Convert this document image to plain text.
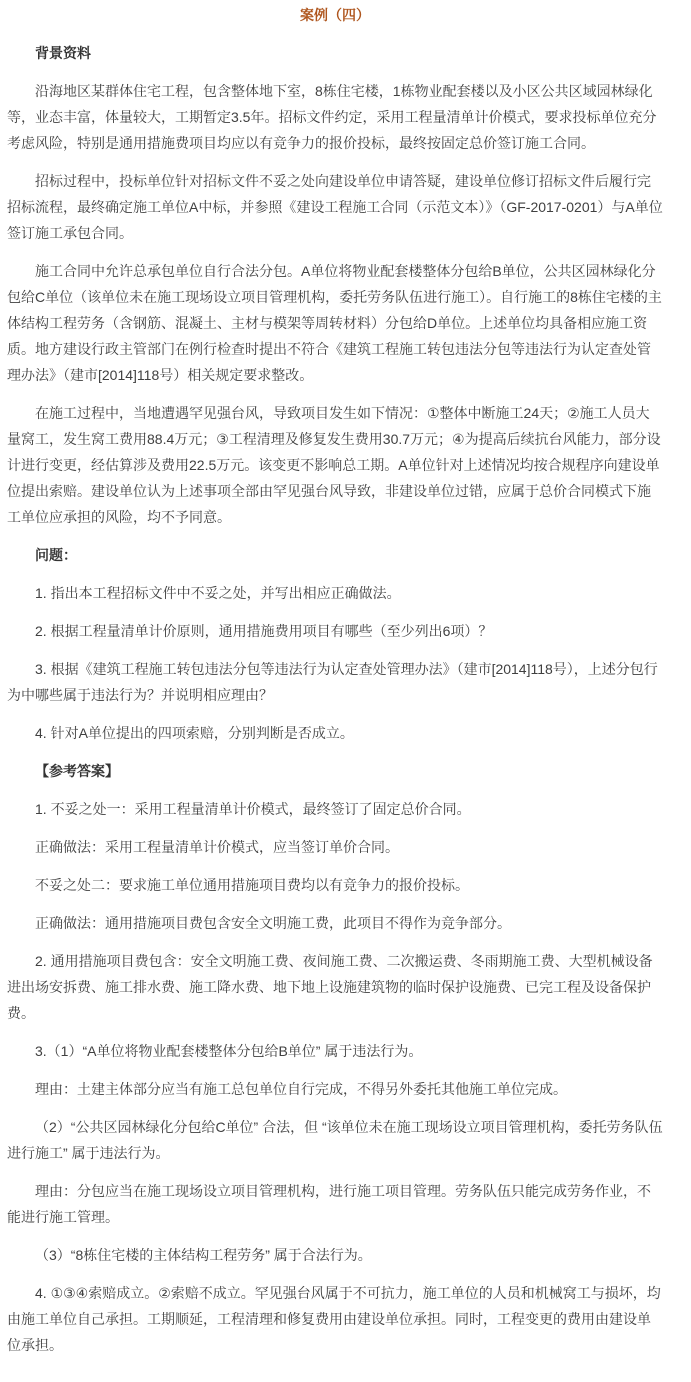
案例（四）
背景资料

沿海地区某群体住宅工程，包含整体地下室，8栋住宅楼，1栋物业配套楼以及小区公共区域园林绿化等，业态丰富，体量较大，工期暂定3.5年。招标文件约定，采用工程量清单计价模式，要求投标单位充分考虑风险，特别是通用措施费项目均应以有竞争力的报价投标，最终按固定总价签订施工合同。

招标过程中，投标单位针对招标文件不妥之处向建设单位申请答疑，建设单位修订招标文件后履行完招标流程，最终确定施工单位A中标，并参照《建设工程施工合同（示范文本）》（GF-2017-0201）与A单位签订施工承包合同。

施工合同中允许总承包单位自行合法分包。A单位将物业配套楼整体分包给B单位，公共区园林绿化分包给C单位（该单位未在施工现场设立项目管理机构，委托劳务队伍进行施工）。自行施工的8栋住宅楼的主体结构工程劳务（含钢筋、混凝土、主材与模架等周转材料）分包给D单位。上述单位均具备相应施工资质。地方建设行政主管部门在例行检查时提出不符合《建筑工程施工转包违法分包等违法行为认定查处管理办法》（建市[2014]118号）相关规定要求整改。

在施工过程中，当地遭遇罕见强台风，导致项目发生如下情况：①整体中断施工24天；②施工人员大量窝工，发生窝工费用88.4万元；③工程清理及修复发生费用30.7万元；④为提高后续抗台风能力，部分设计进行变更，经估算涉及费用22.5万元。该变更不影响总工期。A单位针对上述情况均按合规程序向建设单位提出索赔。建设单位认为上述事项全部由罕见强台风导致，非建设单位过错，应属于总价合同模式下施工单位应承担的风险，均不予同意。

问题：

1. 指出本工程招标文件中不妥之处，并写出相应正确做法。

2. 根据工程量清单计价原则，通用措施费用项目有哪些（至少列出6项）？

3. 根据《建筑工程施工转包违法分包等违法行为认定查处管理办法》（建市[2014]118号），上述分包行为中哪些属于违法行为？并说明相应理由？

4. 针对A单位提出的四项索赔，分别判断是否成立。

【参考答案】

1. 不妥之处一：采用工程量清单计价模式，最终签订了固定总价合同。

正确做法：采用工程量清单计价模式，应当签订单价合同。

不妥之处二：要求施工单位通用措施项目费均以有竞争力的报价投标。

正确做法：通用措施项目费包含安全文明施工费，此项目不得作为竞争部分。

2. 通用措施项目费包含：安全文明施工费、夜间施工费、二次搬运费、冬雨期施工费、大型机械设备进出场安拆费、施工排水费、施工降水费、地下地上设施建筑物的临时保护设施费、已完工程及设备保护费。

3.（1）“A单位将物业配套楼整体分包给B单位” 属于违法行为。

理由：土建主体部分应当有施工总包单位自行完成，不得另外委托其他施工单位完成。

（2）“公共区园林绿化分包给C单位” 合法，但 “该单位未在施工现场设立项目管理机构，委托劳务队伍进行施工” 属于违法行为。

理由：分包应当在施工现场设立项目管理机构，进行施工项目管理。劳务队伍只能完成劳务作业，不能进行施工管理。

（3）“8栋住宅楼的主体结构工程劳务” 属于合法行为。

4. ①③④索赔成立。②索赔不成立。罕见强台风属于不可抗力，施工单位的人员和机械窝工与损坏，均由施工单位自己承担。工期顺延，工程清理和修复费用由建设单位承担。同时，工程变更的费用由建设单位承担。
